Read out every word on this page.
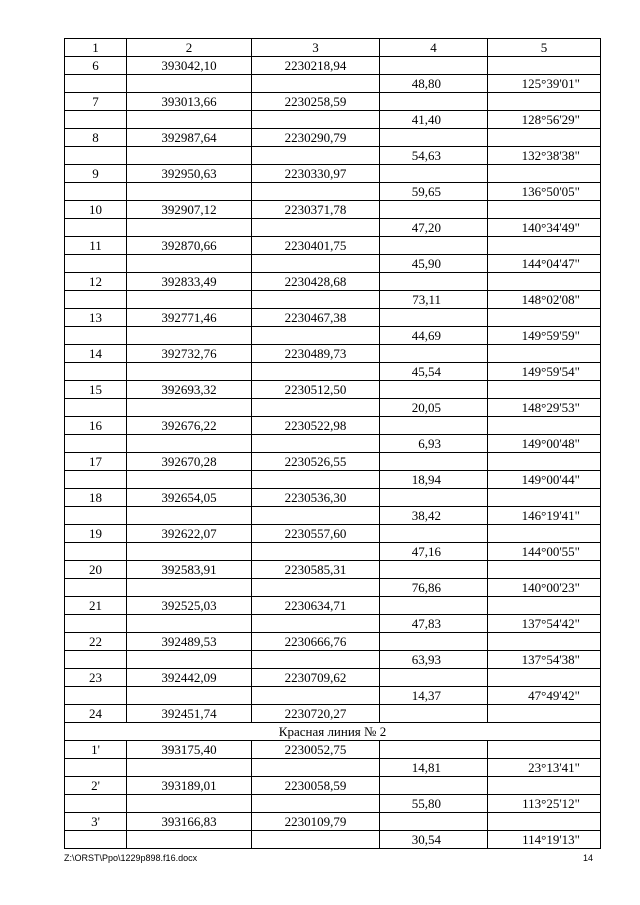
1	2	3	4	5
6	393042,10	2230218,94		
			48,80	125°39'01"
7	393013,66	2230258,59		
			41,40	128°56'29"
8	392987,64	2230290,79		
			54,63	132°38'38"
9	392950,63	2230330,97		
			59,65	136°50'05"
10	392907,12	2230371,78		
			47,20	140°34'49"
11	392870,66	2230401,75		
			45,90	144°04'47"
12	392833,49	2230428,68		
			73,11	148°02'08"
13	392771,46	2230467,38		
			44,69	149°59'59"
14	392732,76	2230489,73		
			45,54	149°59'54"
15	392693,32	2230512,50		
			20,05	148°29'53"
16	392676,22	2230522,98		
			6,93	149°00'48"
17	392670,28	2230526,55		
			18,94	149°00'44"
18	392654,05	2230536,30		
			38,42	146°19'41"
19	392622,07	2230557,60		
			47,16	144°00'55"
20	392583,91	2230585,31		
			76,86	140°00'23"
21	392525,03	2230634,71		
			47,83	137°54'42"
22	392489,53	2230666,76		
			63,93	137°54'38"
23	392442,09	2230709,62		
			14,37	47°49'42"
24	392451,74	2230720,27		
Красная линия № 2				
1'	393175,40	2230052,75		
			14,81	23°13'41"
2'	393189,01	2230058,59		
			55,80	113°25'12"
3'	393166,83	2230109,79		
			30,54	114°19'13"
Z:\ORST\Ppo\1229p898.f16.docx	14
